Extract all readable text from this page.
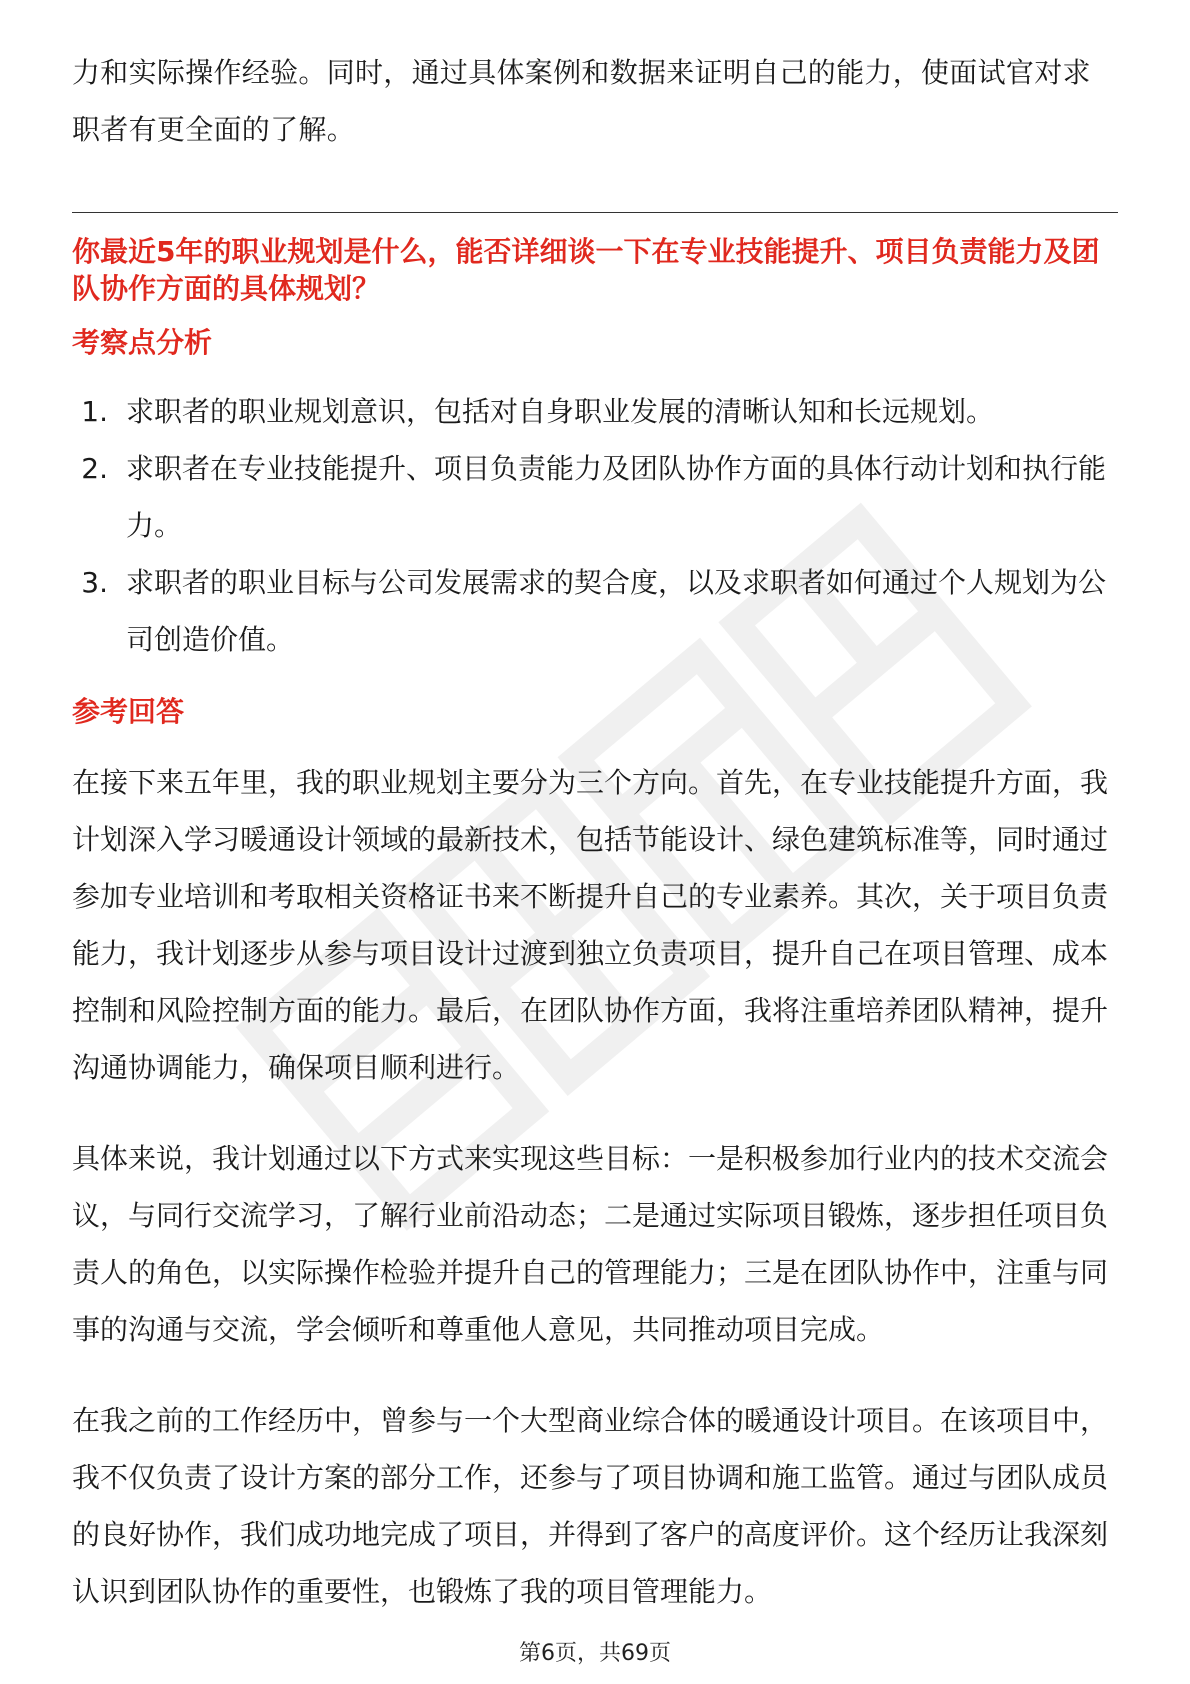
力和实际操作经验。同时，通过具体案例和数据来证明自己的能力，使面试官对求职者有更全面的了解。

你最近5年的职业规划是什么，能否详细谈一下在专业技能提升、项目负责能力及团队协作方面的具体规划？

考察点分析

1. 求职者的职业规划意识，包括对自身职业发展的清晰认知和长远规划。
2. 求职者在专业技能提升、项目负责能力及团队协作方面的具体行动计划和执行能力。
3. 求职者的职业目标与公司发展需求的契合度，以及求职者如何通过个人规划为公司创造价值。

参考回答

在接下来五年里，我的职业规划主要分为三个方向。首先，在专业技能提升方面，我计划深入学习暖通设计领域的最新技术，包括节能设计、绿色建筑标准等，同时通过参加专业培训和考取相关资格证书来不断提升自己的专业素养。其次，关于项目负责能力，我计划逐步从参与项目设计过渡到独立负责项目，提升自己在项目管理、成本控制和风险控制方面的能力。最后，在团队协作方面，我将注重培养团队精神，提升沟通协调能力，确保项目顺利进行。

具体来说，我计划通过以下方式来实现这些目标：一是积极参加行业内的技术交流会议，与同行交流学习，了解行业前沿动态；二是通过实际项目锻炼，逐步担任项目负责人的角色，以实际操作检验并提升自己的管理能力；三是在团队协作中，注重与同事的沟通与交流，学会倾听和尊重他人意见，共同推动项目完成。

在我之前的工作经历中，曾参与一个大型商业综合体的暖通设计项目。在该项目中，我不仅负责了设计方案的部分工作，还参与了项目协调和施工监管。通过与团队成员的良好协作，我们成功地完成了项目，并得到了客户的高度评价。这个经历让我深刻认识到团队协作的重要性，也锻炼了我的项目管理能力。

第6页，共69页
